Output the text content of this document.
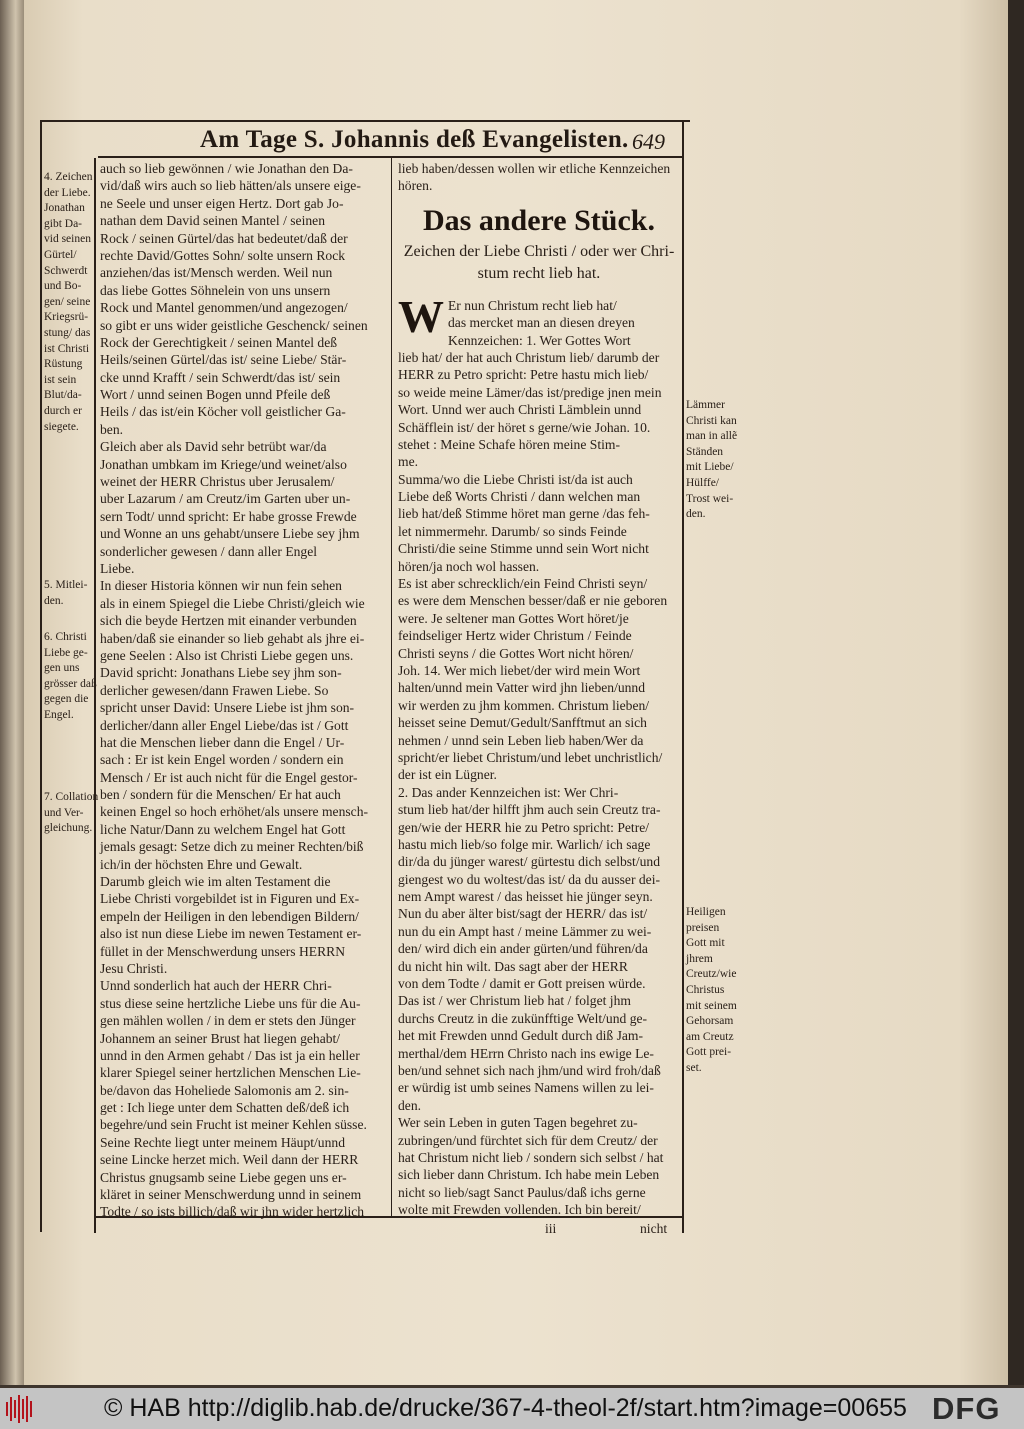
Am Tage S. Johannis deß Evangelisten. 649
auch so lieb gewönnen / wie Jonathan den Da-
vid/daß wirs auch so lieb hätten/als unsere eige-
ne Seele und unser eigen Hertz. Dort gab Jo-
nathan dem David seinen Mantel / seinen
Rock / seinen Gürtel/das hat bedeutet/daß der
rechte David/Gottes Sohn/ solte unsern Rock
anziehen/das ist/Mensch werden. Weil nun
das liebe Gottes Söhnelein von uns unsern
Rock und Mantel genommen/und angezogen/
so gibt er uns wider geistliche Geschenck/ seinen
Rock der Gerechtigkeit / seinen Mantel deß
Heils/seinen Gürtel/das ist/ seine Liebe/ Stär-
cke unnd Krafft / sein Schwerdt/das ist/ sein
Wort / unnd seinen Bogen unnd Pfeile deß
Heils / das ist/ein Köcher voll geistlicher Ga-
ben.
Gleich aber als David sehr betrübt war/da
Jonathan umbkam im Kriege/und weinet/also
weinet der HERR Christus uber Jerusalem/
uber Lazarum / am Creutz/im Garten uber un-
sern Todt/ unnd spricht: Er habe grosse Frewde
und Wonne an uns gehabt/unsere Liebe sey jhm
sonderlicher gewesen / dann aller Engel
Liebe.
In dieser Historia können wir nun fein sehen
als in einem Spiegel die Liebe Christi/gleich wie
sich die beyde Hertzen mit einander verbunden
haben/daß sie einander so lieb gehabt als jhre ei-
gene Seelen : Also ist Christi Liebe gegen uns.
David spricht: Jonathans Liebe sey jhm son-
derlicher gewesen/dann Frawen Liebe. So
spricht unser David: Unsere Liebe ist jhm son-
derlicher/dann aller Engel Liebe/das ist / Gott
hat die Menschen lieber dann die Engel / Ur-
sach : Er ist kein Engel worden / sondern ein
Mensch / Er ist auch nicht für die Engel gestor-
ben / sondern für die Menschen/ Er hat auch
keinen Engel so hoch erhöhet/als unsere mensch-
liche Natur/Dann zu welchem Engel hat Gott
jemals gesagt: Setze dich zu meiner Rechten/biß
ich/in der höchsten Ehre und Gewalt.
Darumb gleich wie im alten Testament die
Liebe Christi vorgebildet ist in Figuren und Ex-
empeln der Heiligen in den lebendigen Bildern/
also ist nun diese Liebe im newen Testament er-
füllet in der Menschwerdung unsers HERRN
Jesu Christi.
Unnd sonderlich hat auch der HERR Chri-
stus diese seine hertzliche Liebe uns für die Au-
gen mählen wollen / in dem er stets den Jünger
Johannem an seiner Brust hat liegen gehabt/
unnd in den Armen gehabt / Das ist ja ein heller
klarer Spiegel seiner hertzlichen Menschen Lie-
be/davon das Hoheliede Salomonis am 2. sin-
get : Ich liege unter dem Schatten deß/deß ich
begehre/und sein Frucht ist meiner Kehlen süsse.
Seine Rechte liegt unter meinem Häupt/unnd
seine Lincke herzet mich. Weil dann der HERR
Christus gnugsamb seine Liebe gegen uns er-
kläret in seiner Menschwerdung unnd in seinem
Todte / so ists billich/daß wir jhn wider hertzlich
lieb haben/dessen wollen wir etliche Kennzeichen
hören.
Das andere Stück.
Zeichen der Liebe Christi / oder wer Chri-
stum recht lieb hat.
W Er nun Christum recht lieb hat/
das mercket man an diesen dreyen
Kennzeichen: 1. Wer Gottes Wort
lieb hat/ der hat auch Christum lieb/ darumb der
HERR zu Petro spricht: Petre hastu mich lieb/
so weide meine Lämer/das ist/predige jnen mein
Wort. Unnd wer auch Christi Lämblein unnd
Schäfflein ist/ der höret s gerne/wie Johan. 10.
stehet : Meine Schafe hören meine Stim-
me.
Summa/wo die Liebe Christi ist/da ist auch
Liebe deß Worts Christi / dann welchen man
lieb hat/deß Stimme höret man gerne /das feh-
let nimmermehr. Darumb/ so sinds Feinde
Christi/die seine Stimme unnd sein Wort nicht
hören/ja noch wol hassen.
Es ist aber schrecklich/ein Feind Christi seyn/
es were dem Menschen besser/daß er nie geboren
were. Je seltener man Gottes Wort höret/je
feindseliger Hertz wider Christum / Feinde
Christi seyns / die Gottes Wort nicht hören/
Joh. 14. Wer mich liebet/der wird mein Wort
halten/unnd mein Vatter wird jhn lieben/unnd
wir werden zu jhm kommen. Christum lieben/
heisset seine Demut/Gedult/Sanfftmut an sich
nehmen / unnd sein Leben lieb haben/Wer da
spricht/er liebet Christum/und lebet unchristlich/
der ist ein Lügner.
2. Das ander Kennzeichen ist: Wer Chri-
stum lieb hat/der hilfft jhm auch sein Creutz tra-
gen/wie der HERR hie zu Petro spricht: Petre/
hastu mich lieb/so folge mir. Warlich/ ich sage
dir/da du jünger warest/ gürtestu dich selbst/und
giengest wo du woltest/das ist/ da du ausser dei-
nem Ampt warest / das heisset hie jünger seyn.
Nun du aber älter bist/sagt der HERR/ das ist/
nun du ein Ampt hast / meine Lämmer zu wei-
den/ wird dich ein ander gürten/und führen/da
du nicht hin wilt. Das sagt aber der HERR
von dem Todte / damit er Gott preisen würde.
Das ist / wer Christum lieb hat / folget jhm
durchs Creutz in die zukünfftige Welt/und ge-
het mit Frewden unnd Gedult durch diß Jam-
merthal/dem HErrn Christo nach ins ewige Le-
ben/und sehnet sich nach jhm/und wird froh/daß
er würdig ist umb seines Namens willen zu lei-
den.
Wer sein Leben in guten Tagen begehret zu-
zubringen/und fürchtet sich für dem Creutz/ der
hat Christum nicht lieb / sondern sich selbst / hat
sich lieber dann Christum. Ich habe mein Leben
nicht so lieb/sagt Sanct Paulus/daß ichs gerne
wolte mit Frewden vollenden. Ich bin bereit/
4. Zeichen
der Liebe.
Jonathan
gibt Da-
vid seinen
Gürtel/
Schwerdt
und Bo-
gen/ seine
Kriegsrü-
stung/ das
ist Christi
Rüstung
ist sein
Blut/da-
durch er
siegete.
5. Mitlei-
den.
6. Christi
Liebe ge-
gen uns
grösser daß
gegen die
Engel.
7. Collation
und Ver-
gleichung.
Lämmer
Christi kan
man in allẽ
Ständen
mit Liebe/
Hülffe/
Trost wei-
den.
Heiligen
preisen
Gott mit
jhrem
Creutz/wie
Christus
mit seinem
Gehorsam
am Creutz
Gott prei-
set.
iii	nicht
© HAB http://diglib.hab.de/drucke/367-4-theol-2f/start.htm?image=00655 DFG
